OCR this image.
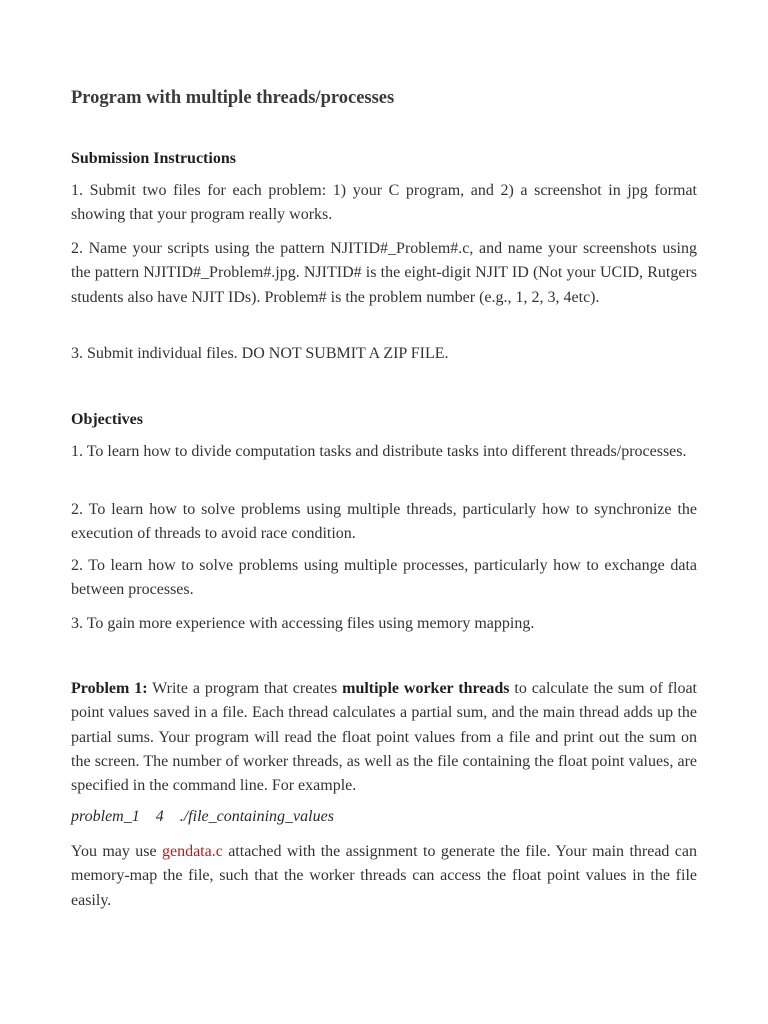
Program with multiple threads/processes
Submission Instructions

1. Submit two files for each problem: 1) your C program, and 2) a screenshot in jpg format showing that your program really works.

2. Name your scripts using the pattern NJITID#_Problem#.c, and name your screenshots using the pattern NJITID#_Problem#.jpg. NJITID# is the eight-digit NJIT ID (Not your UCID, Rutgers students also have NJIT IDs). Problem# is the problem number (e.g., 1, 2, 3, 4etc).

3. Submit individual files. DO NOT SUBMIT A ZIP FILE.

Objectives

1. To learn how to divide computation tasks and distribute tasks into different threads/processes.

2. To learn how to solve problems using multiple threads, particularly how to synchronize the execution of threads to avoid race condition.

2. To learn how to solve problems using multiple processes, particularly how to exchange data between processes.

3. To gain more experience with accessing files using memory mapping.

Problem 1: Write a program that creates multiple worker threads to calculate the sum of float point values saved in a file. Each thread calculates a partial sum, and the main thread adds up the partial sums. Your program will read the float point values from a file and print out the sum on the screen. The number of worker threads, as well as the file containing the float point values, are specified in the command line. For example.

problem_1    4    ./file_containing_values

You may use gendata.c attached with the assignment to generate the file. Your main thread can memory-map the file, such that the worker threads can access the float point values in the file easily.
